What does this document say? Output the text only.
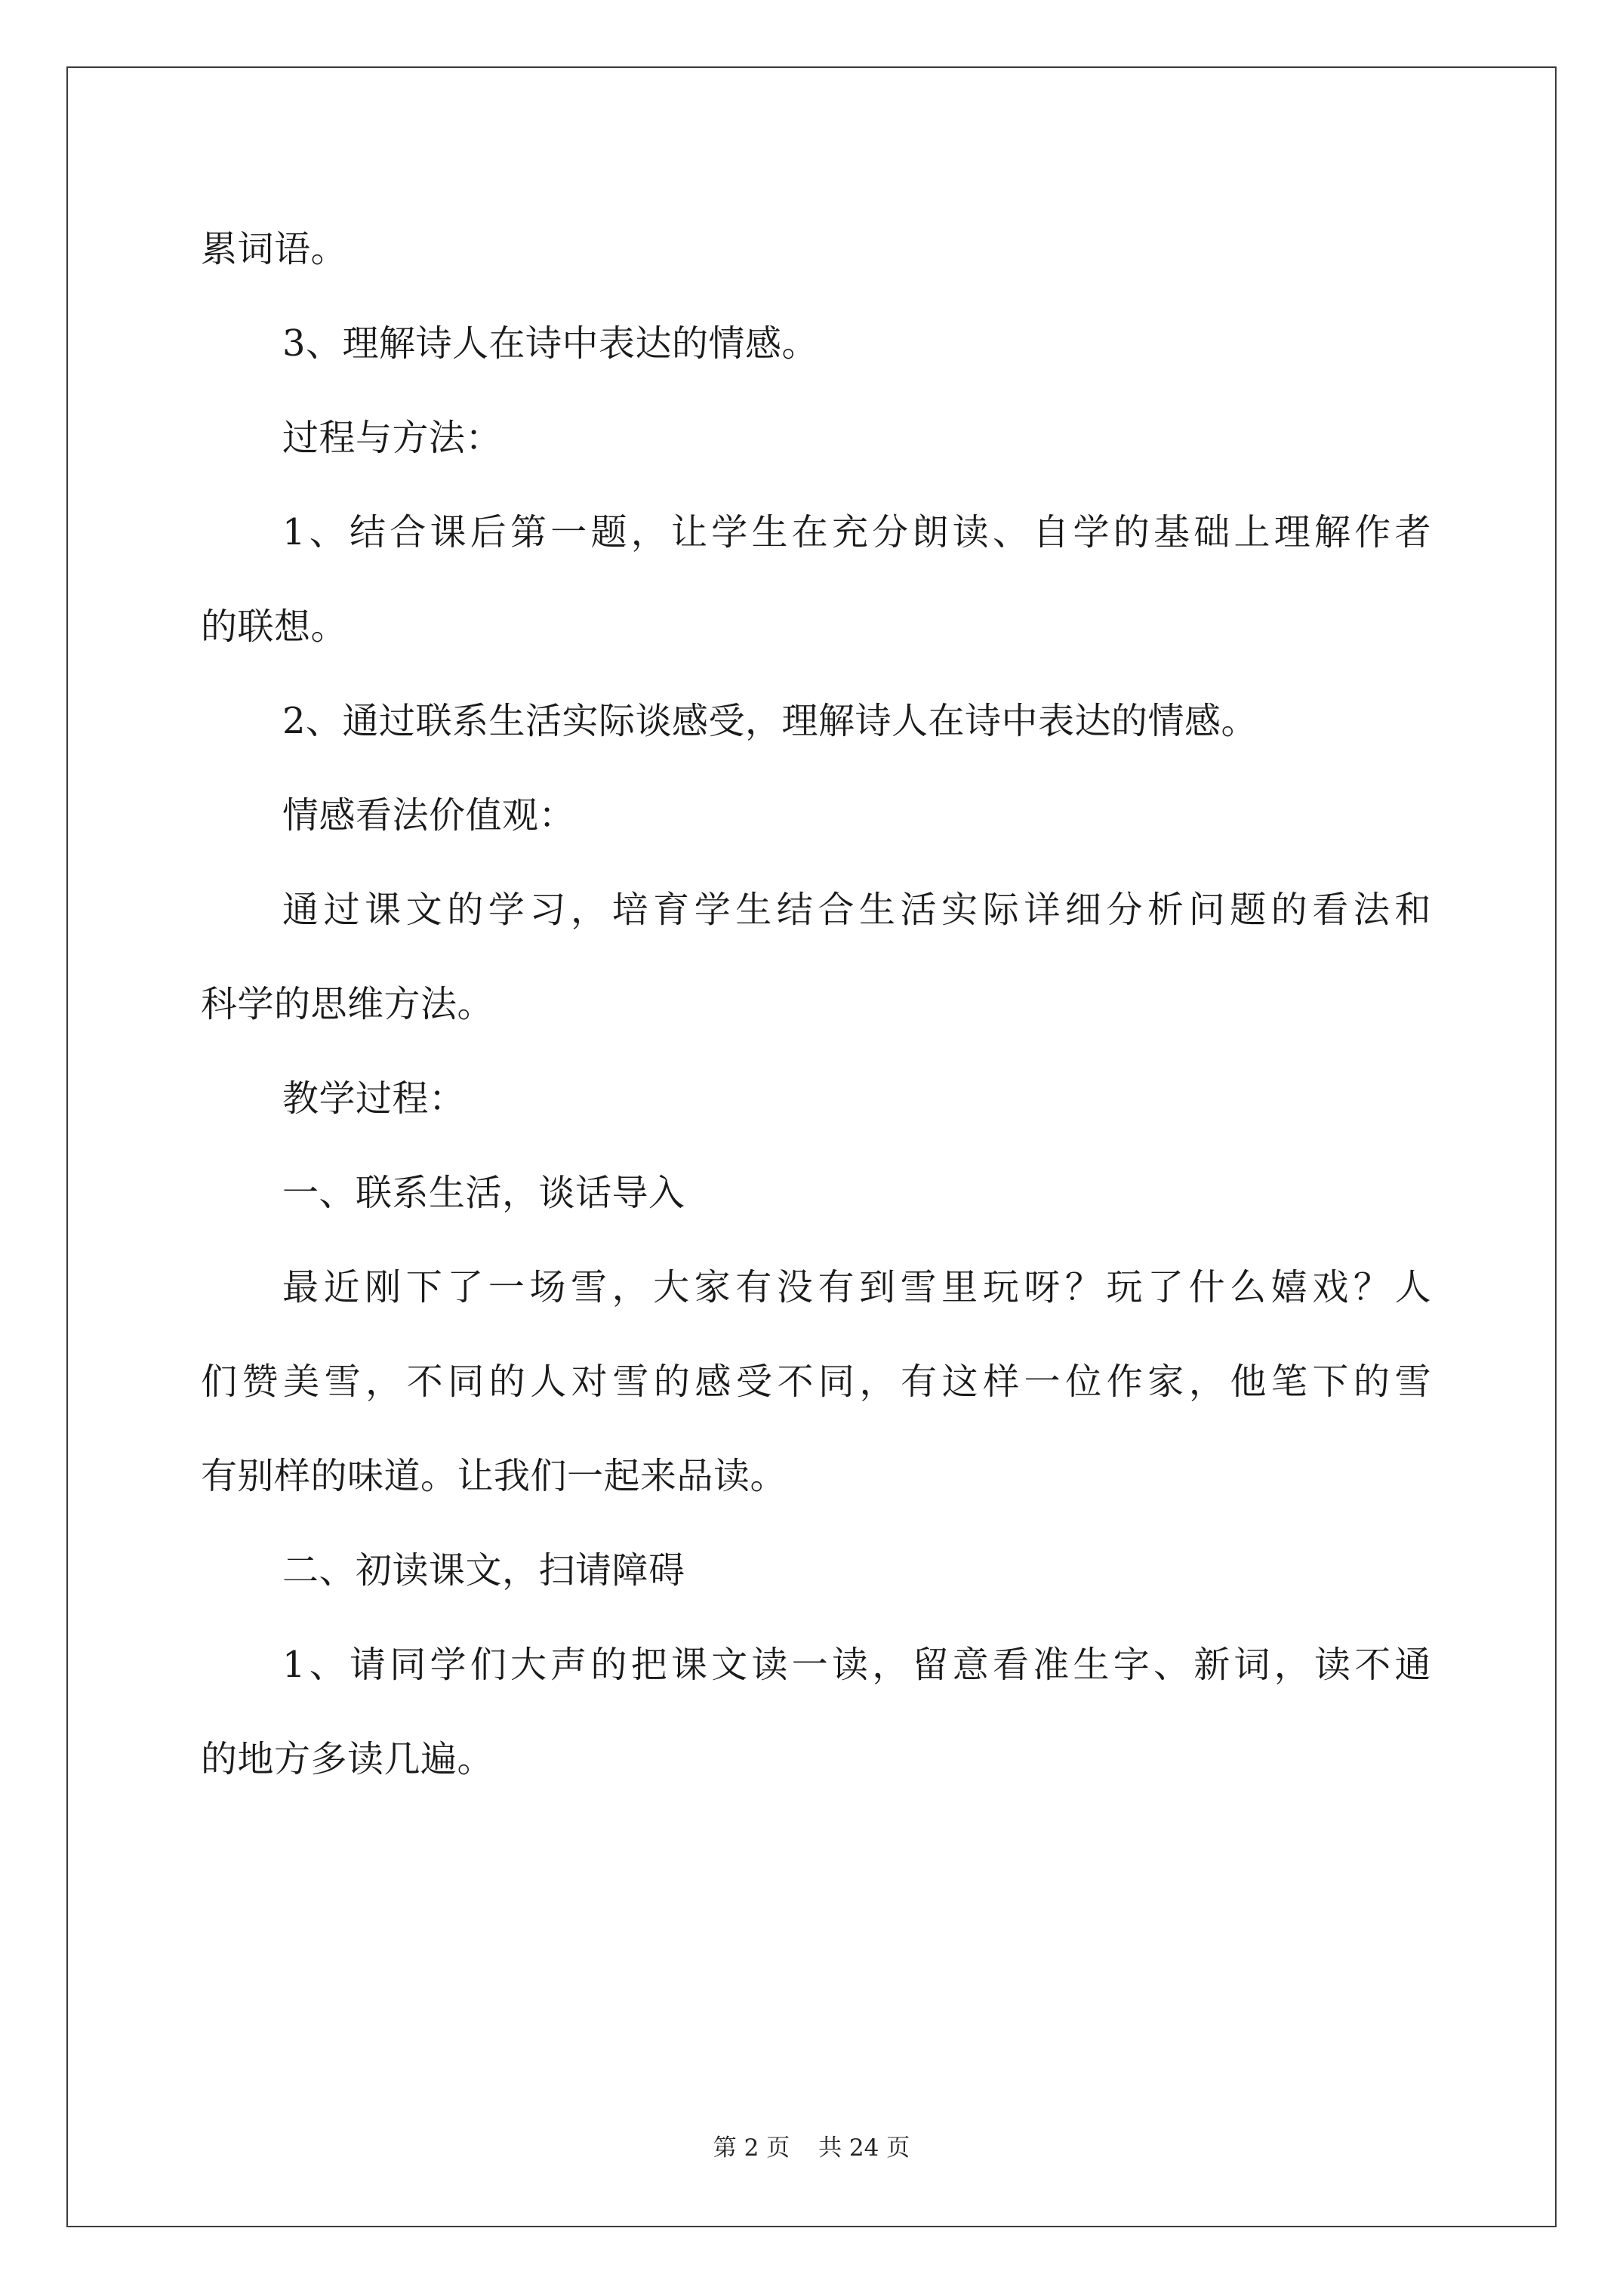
累词语。
3、理解诗人在诗中表达的情感。
过程与方法：
1、结合课后第一题，让学生在充分朗读、自学的基础上理解作者
的联想。
2、通过联系生活实际谈感受，理解诗人在诗中表达的情感。
情感看法价值观：
通过课文的学习，培育学生结合生活实际详细分析问题的看法和
科学的思维方法。
教学过程：
一、联系生活，谈话导入
最近刚下了一场雪，大家有没有到雪里玩呀？玩了什么嬉戏？人
们赞美雪，不同的人对雪的感受不同，有这样一位作家，他笔下的雪
有别样的味道。让我们一起来品读。
二、初读课文，扫请障碍
1、请同学们大声的把课文读一读，留意看准生字、新词，读不通
的地方多读几遍。
第 2 页 共 24 页
